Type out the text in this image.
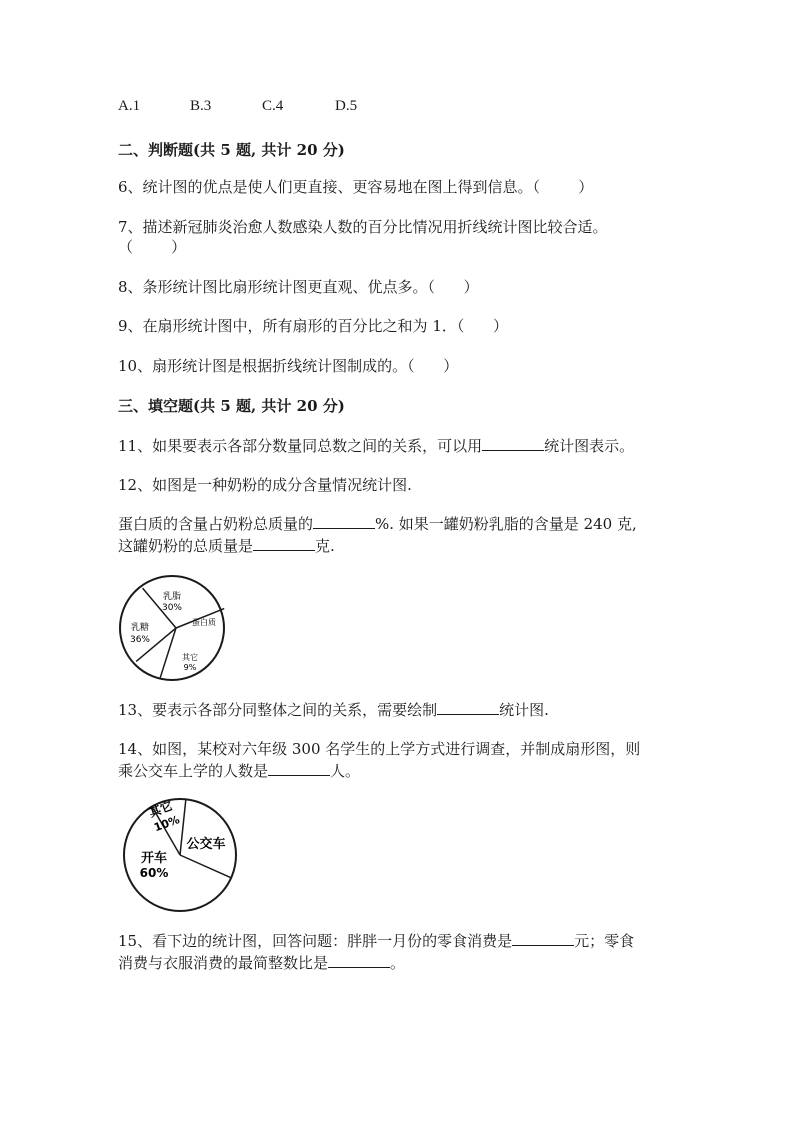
A.1	B.3	C.4	D.5
二、判断题(共 5 题, 共计 20 分)
6、统计图的优点是使人们更直接、更容易地在图上得到信息。（        ）
7、描述新冠肺炎治愈人数感染人数的百分比情况用折线统计图比较合适。
（        ）
8、条形统计图比扇形统计图更直观、优点多。（      ）
9、在扇形统计图中，所有扇形的百分比之和为 1．（      ）
10、扇形统计图是根据折线统计图制成的。（      ）
三、填空题(共 5 题, 共计 20 分)
11、如果要表示各部分数量同总数之间的关系，可以用	统计图表示。
12、如图是一种奶粉的成分含量情况统计图.
蛋白质的含量占奶粉总质量的	%. 如果一罐奶粉乳脂的含量是 240 克,
这罐奶粉的总质量是	克.
乳脂
30%
乳糖
36%
蛋白质
其它
9%
13、要表示各部分同整体之间的关系，需要绘制	统计图.
14、如图，某校对六年级 300 名学生的上学方式进行调查，并制成扇形图，则
乘公交车上学的人数是	人。
其它
10%
公交车
开车
60%
15、看下边的统计图，回答问题：胖胖一月份的零食消费是	元；零食
消费与衣服消费的最简整数比是	。
